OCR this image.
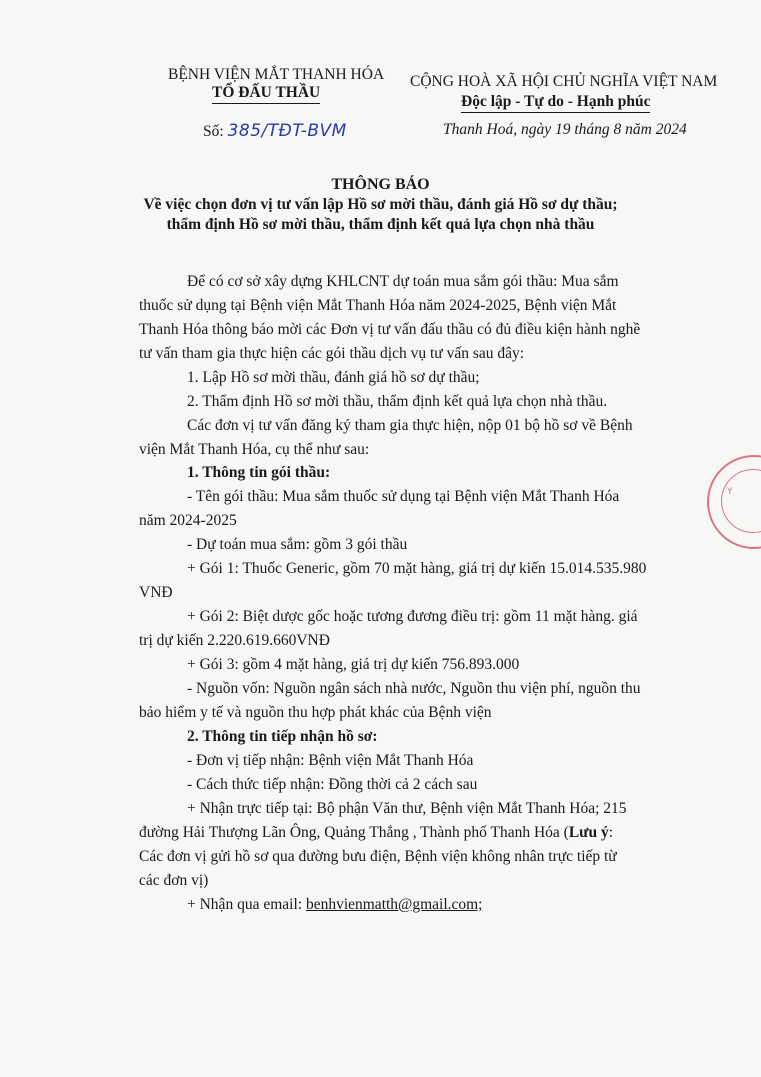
BỆNH VIỆN MẮT THANH HÓA
TỔ ĐẤU THẦU
Số: 385/TĐT-BVM
CỘNG HOÀ XÃ HỘI CHỦ NGHĨA VIỆT NAM
Độc lập - Tự do - Hạnh phúc
Thanh Hoá, ngày 19 tháng 8 năm 2024
THÔNG BÁO
Về việc chọn đơn vị tư vấn lập Hồ sơ mời thầu, đánh giá Hồ sơ dự thầu;
thẩm định Hồ sơ mời thầu, thẩm định kết quả lựa chọn nhà thầu
Để có cơ sở xây dựng KHLCNT dự toán mua sắm gói thầu: Mua sắm
thuốc sử dụng tại Bệnh viện Mắt Thanh Hóa năm 2024-2025, Bệnh viện Mắt
Thanh Hóa thông báo mời các Đơn vị tư vấn đấu thầu có đủ điều kiện hành nghề
tư vấn tham gia thực hiện các gói thầu dịch vụ tư vấn sau đây:
1. Lập Hồ sơ mời thầu, đánh giá hồ sơ dự thầu;
2. Thẩm định Hồ sơ mời thầu, thẩm định kết quả lựa chọn nhà thầu.
Các đơn vị tư vấn đăng ký tham gia thực hiện, nộp 01 bộ hồ sơ về Bệnh
viện Mắt Thanh Hóa, cụ thể như sau:
1. Thông tin gói thầu:
- Tên gói thầu: Mua sắm thuốc sử dụng tại Bệnh viện Mắt Thanh Hóa
năm 2024-2025
- Dự toán mua sắm: gồm 3 gói thầu
+ Gói 1: Thuốc Generic, gồm 70 mặt hàng, giá trị dự kiến 15.014.535.980
VNĐ
+ Gói 2: Biệt dược gốc hoặc tương đương điều trị: gồm 11 mặt hàng. giá
trị dự kiến 2.220.619.660VNĐ
+ Gói 3: gồm 4 mặt hàng, giá trị dự kiến 756.893.000
- Nguồn vốn: Nguồn ngân sách nhà nước, Nguồn thu viện phí, nguồn thu
bảo hiểm y tế và nguồn thu hợp phát khác của Bệnh viện
2. Thông tin tiếp nhận hồ sơ:
- Đơn vị tiếp nhận: Bệnh viện Mắt Thanh Hóa
- Cách thức tiếp nhận: Đồng thời cả 2 cách sau
+ Nhận trực tiếp tại: Bộ phận Văn thư, Bệnh viện Mắt Thanh Hóa; 215
đường Hải Thượng Lãn Ông, Quảng Thắng , Thành phố Thanh Hóa (Lưu ý:
Các đơn vị gửi hồ sơ qua đường bưu điện, Bệnh viện không nhân trực tiếp từ
các đơn vị)
+ Nhận qua email: benhvienmatth@gmail.com;
Y
